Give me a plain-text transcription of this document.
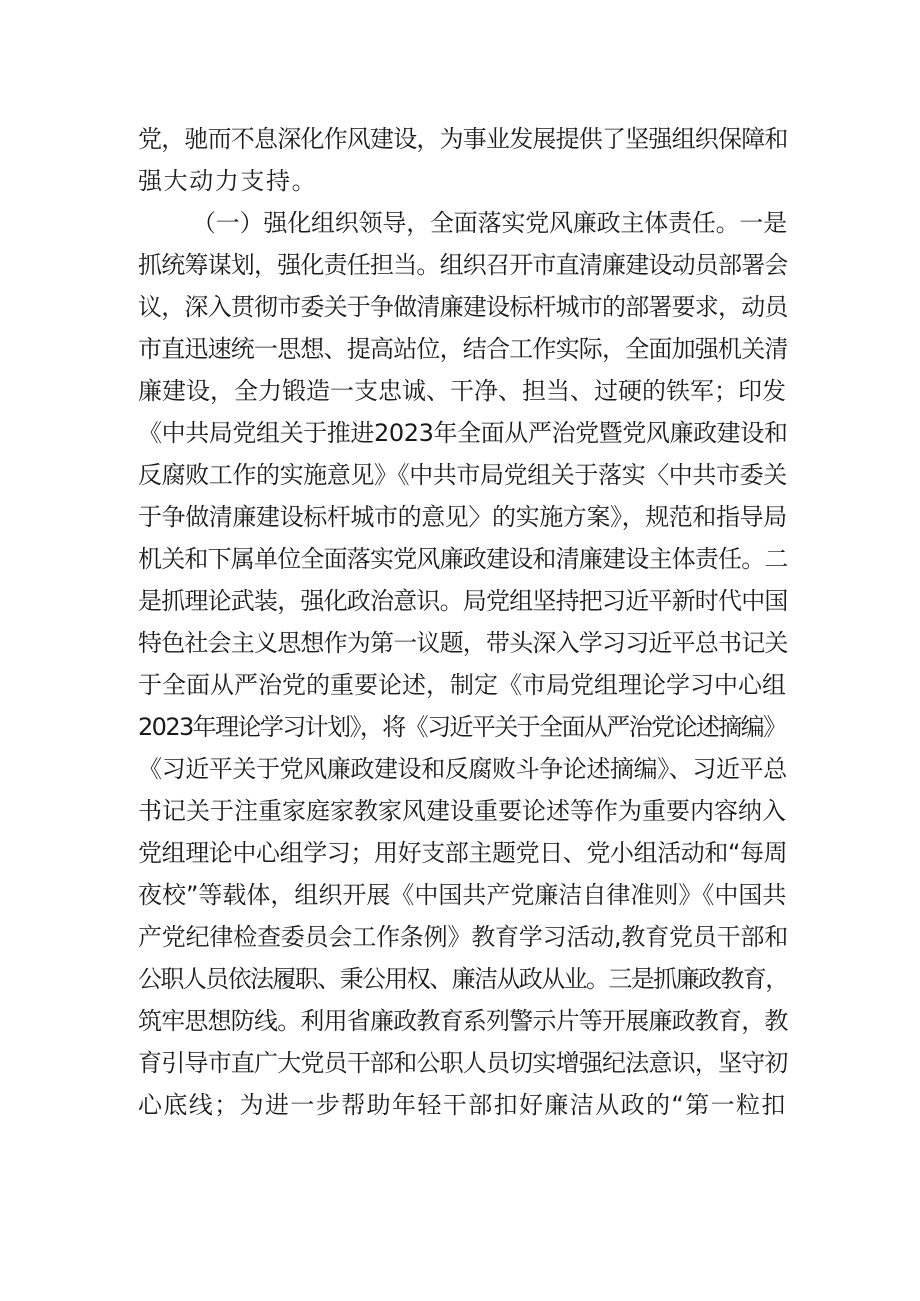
党，驰而不息深化作风建设，为事业发展提供了坚强组织保障和
强大动力支持。
（一）强化组织领导，全面落实党风廉政主体责任。一是
抓统筹谋划，强化责任担当。组织召开市直清廉建设动员部署会
议，深入贯彻市委关于争做清廉建设标杆城市的部署要求，动员
市直迅速统一思想、提高站位，结合工作实际，全面加强机关清
廉建设，全力锻造一支忠诚、干净、担当、过硬的铁军；印发
《中共局党组关于推进2023年全面从严治党暨党风廉政建设和
反腐败工作的实施意见》《中共市局党组关于落实〈中共市委关
于争做清廉建设标杆城市的意见〉的实施方案》，规范和指导局
机关和下属单位全面落实党风廉政建设和清廉建设主体责任。二
是抓理论武装，强化政治意识。局党组坚持把习近平新时代中国
特色社会主义思想作为第一议题，带头深入学习习近平总书记关
于全面从严治党的重要论述，制定《市局党组理论学习中心组
2023年理论学习计划》，将《习近平关于全面从严治党论述摘编》
《习近平关于党风廉政建设和反腐败斗争论述摘编》、习近平总
书记关于注重家庭家教家风建设重要论述等作为重要内容纳入
党组理论中心组学习；用好支部主题党日、党小组活动和“每周
夜校”等载体，组织开展《中国共产党廉洁自律准则》《中国共
产党纪律检查委员会工作条例》教育学习活动,教育党员干部和
公职人员依法履职、秉公用权、廉洁从政从业。三是抓廉政教育，
筑牢思想防线。利用省廉政教育系列警示片等开展廉政教育，教
育引导市直广大党员干部和公职人员切实增强纪法意识，坚守初
心底线；为进一步帮助年轻干部扣好廉洁从政的“第一粒扣
